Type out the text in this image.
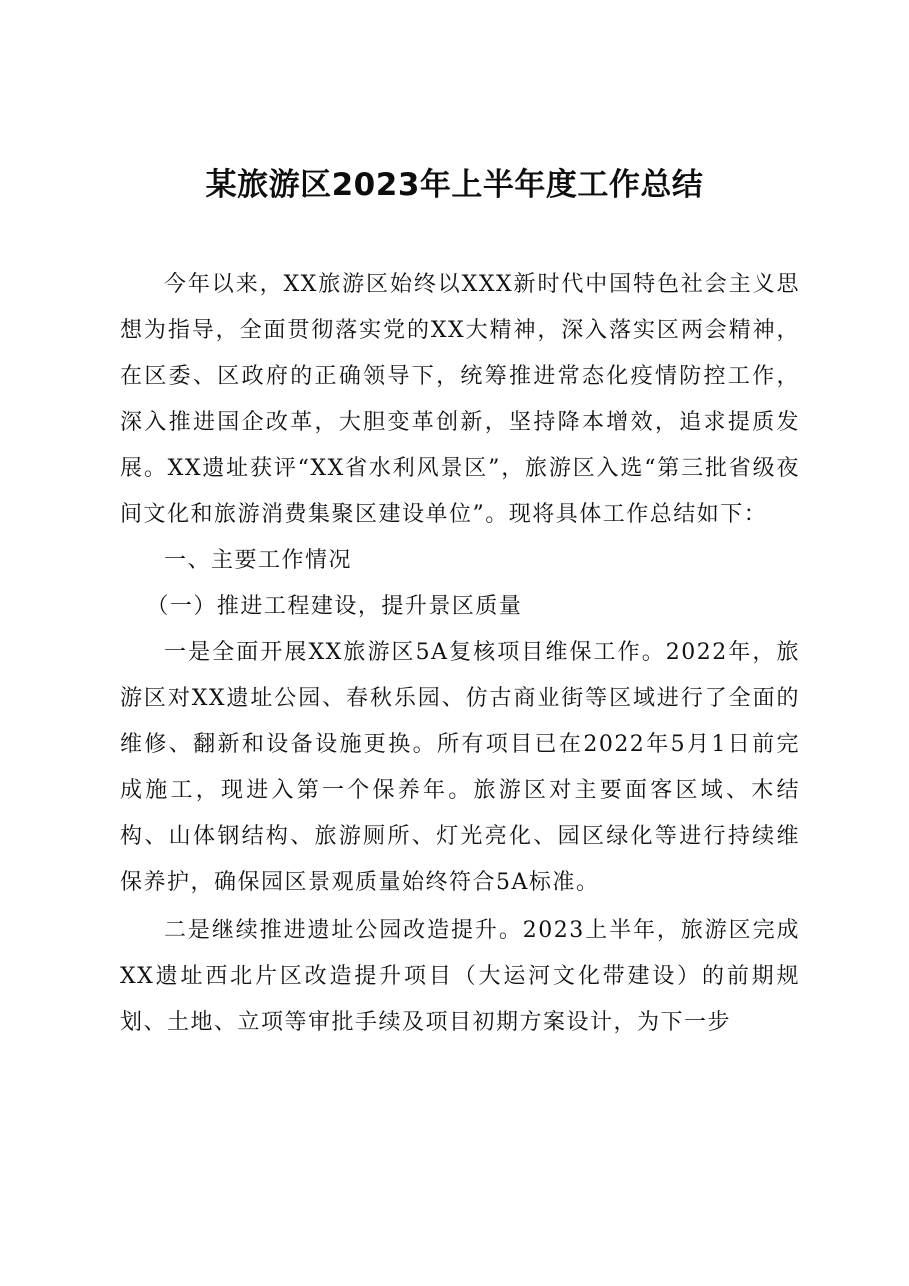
某旅游区2023年上半年度工作总结

今年以来，XX旅游区始终以XXX新时代中国特色社会主义思想为指导，全面贯彻落实党的XX大精神，深入落实区两会精神，在区委、区政府的正确领导下，统筹推进常态化疫情防控工作，深入推进国企改革，大胆变革创新，坚持降本增效，追求提质发展。XX遗址获评“XX省水利风景区”，旅游区入选“第三批省级夜间文化和旅游消费集聚区建设单位”。现将具体工作总结如下：

一、主要工作情况

（一）推进工程建设，提升景区质量

一是全面开展XX旅游区5A复核项目维保工作。2022年，旅游区对XX遗址公园、春秋乐园、仿古商业街等区域进行了全面的维修、翻新和设备设施更换。所有项目已在2022年5月1日前完成施工，现进入第一个保养年。旅游区对主要面客区域、木结构、山体钢结构、旅游厕所、灯光亮化、园区绿化等进行持续维保养护，确保园区景观质量始终符合5A标准。

二是继续推进遗址公园改造提升。2023上半年，旅游区完成XX遗址西北片区改造提升项目（大运河文化带建设）的前期规划、土地、立项等审批手续及项目初期方案设计，为下一步
